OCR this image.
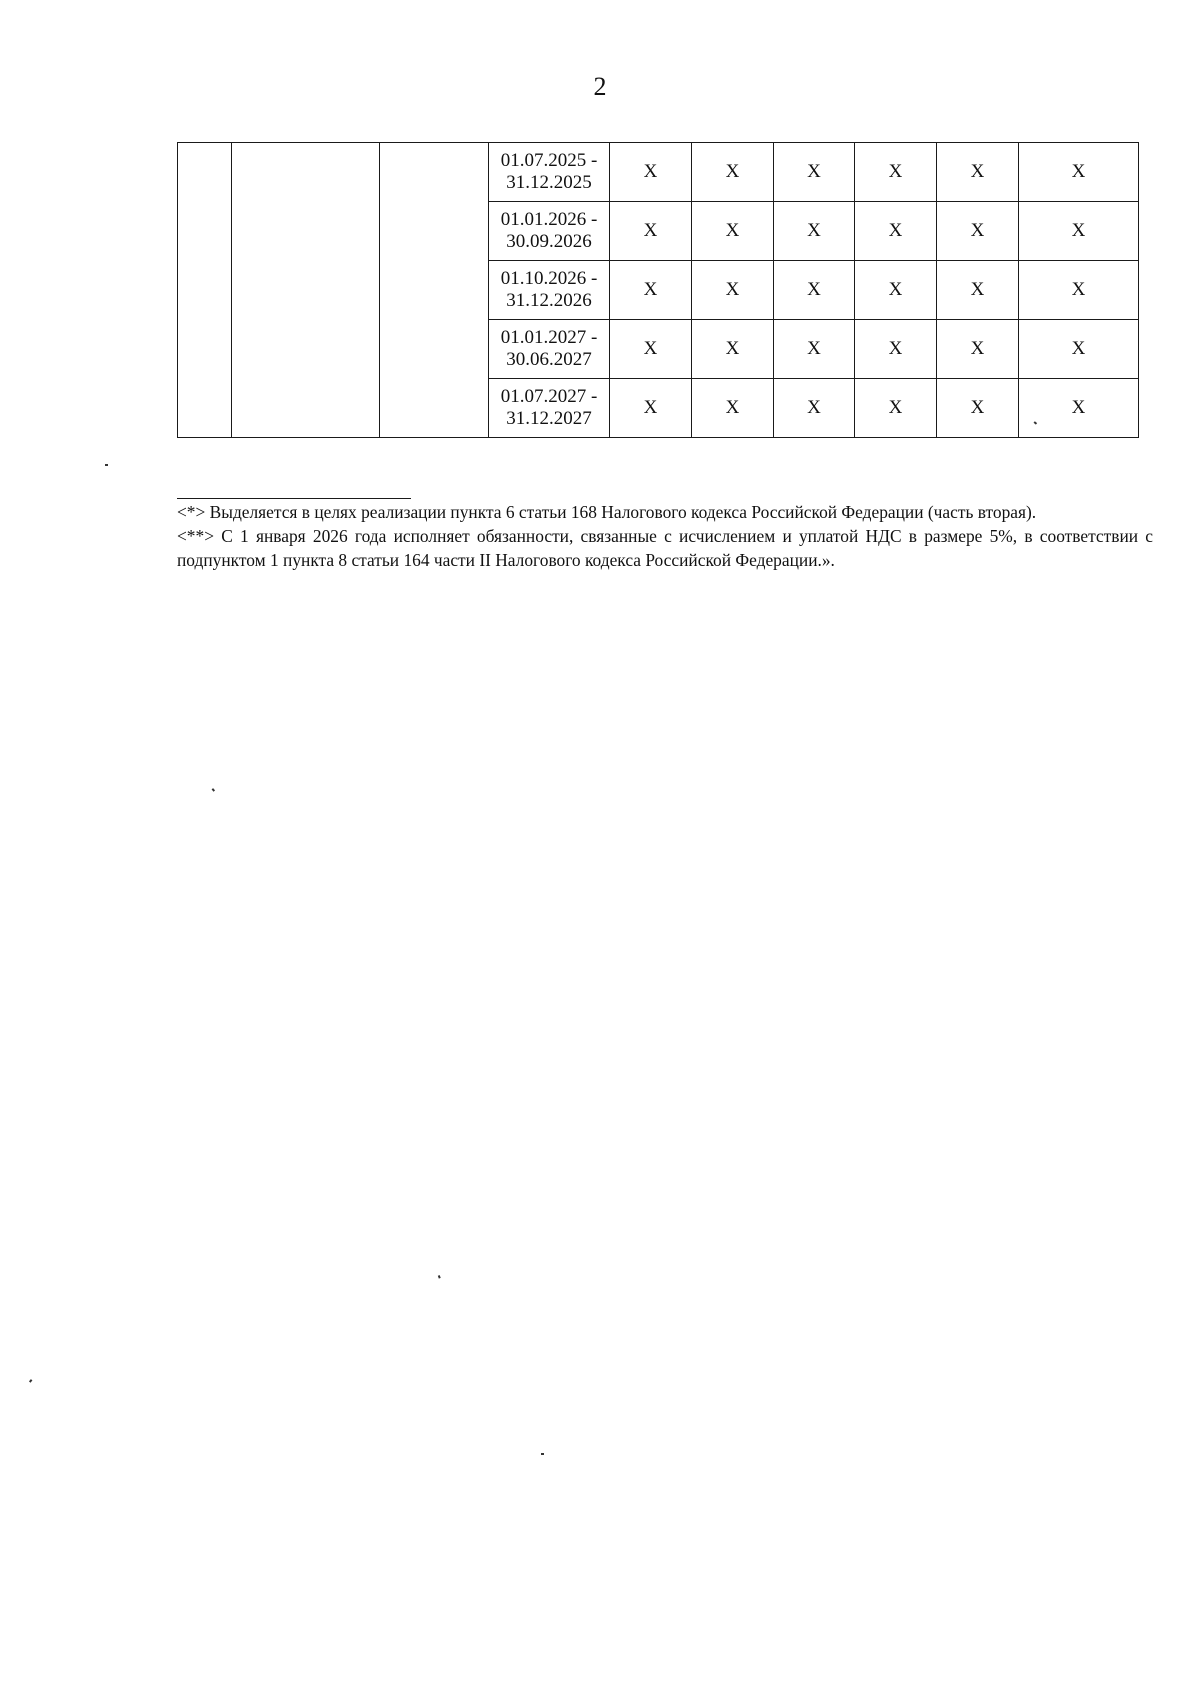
2
			01.07.2025 -
31.12.2025	X	X	X	X	X	X
			01.01.2026 -
30.09.2026	X	X	X	X	X	X
			01.10.2026 -
31.12.2026	X	X	X	X	X	X
			01.01.2027 -
30.06.2027	X	X	X	X	X	X
			01.07.2027 -
31.12.2027	X	X	X	X	X	X

<*> Выделяется в целях реализации пункта 6 статьи 168 Налогового кодекса Российской Федерации (часть вторая).

<**> С 1 января 2026 года исполняет обязанности, связанные с исчислением и уплатой НДС в размере 5%, в соответствии с подпунктом 1 пункта 8 статьи 164 части II Налогового кодекса Российской Федерации.».
